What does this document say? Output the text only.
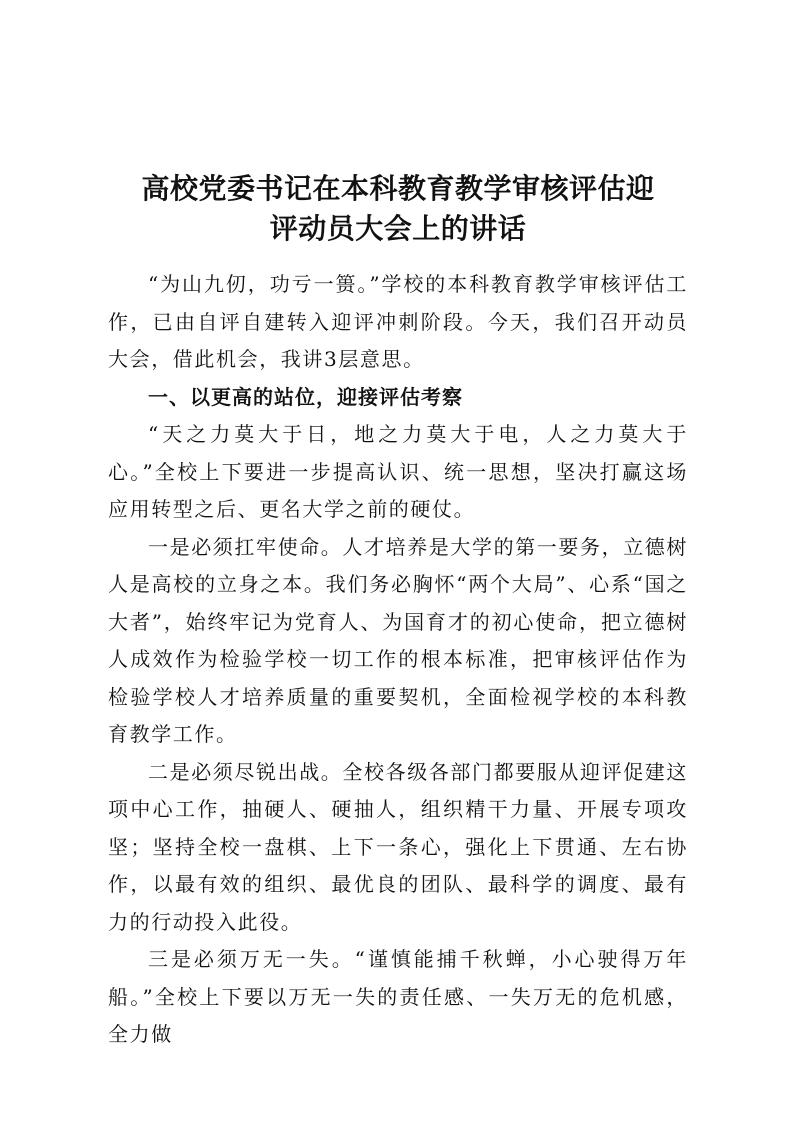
高校党委书记在本科教育教学审核评估迎
评动员大会上的讲话

“为山九仞，功亏一篑。”学校的本科教育教学审核评估工作，已由自评自建转入迎评冲刺阶段。今天，我们召开动员大会，借此机会，我讲3层意思。

一、以更高的站位，迎接评估考察

“天之力莫大于日，地之力莫大于电，人之力莫大于心。”全校上下要进一步提高认识、统一思想，坚决打赢这场应用转型之后、更名大学之前的硬仗。

一是必须扛牢使命。人才培养是大学的第一要务，立德树人是高校的立身之本。我们务必胸怀“两个大局”、心系“国之大者”，始终牢记为党育人、为国育才的初心使命，把立德树人成效作为检验学校一切工作的根本标准，把审核评估作为检验学校人才培养质量的重要契机，全面检视学校的本科教育教学工作。

二是必须尽锐出战。全校各级各部门都要服从迎评促建这项中心工作，抽硬人、硬抽人，组织精干力量、开展专项攻坚；坚持全校一盘棋、上下一条心，强化上下贯通、左右协作，以最有效的组织、最优良的团队、最科学的调度、最有力的行动投入此役。

三是必须万无一失。“谨慎能捕千秋蝉，小心驶得万年船。”全校上下要以万无一失的责任感、一失万无的危机感，全力做
